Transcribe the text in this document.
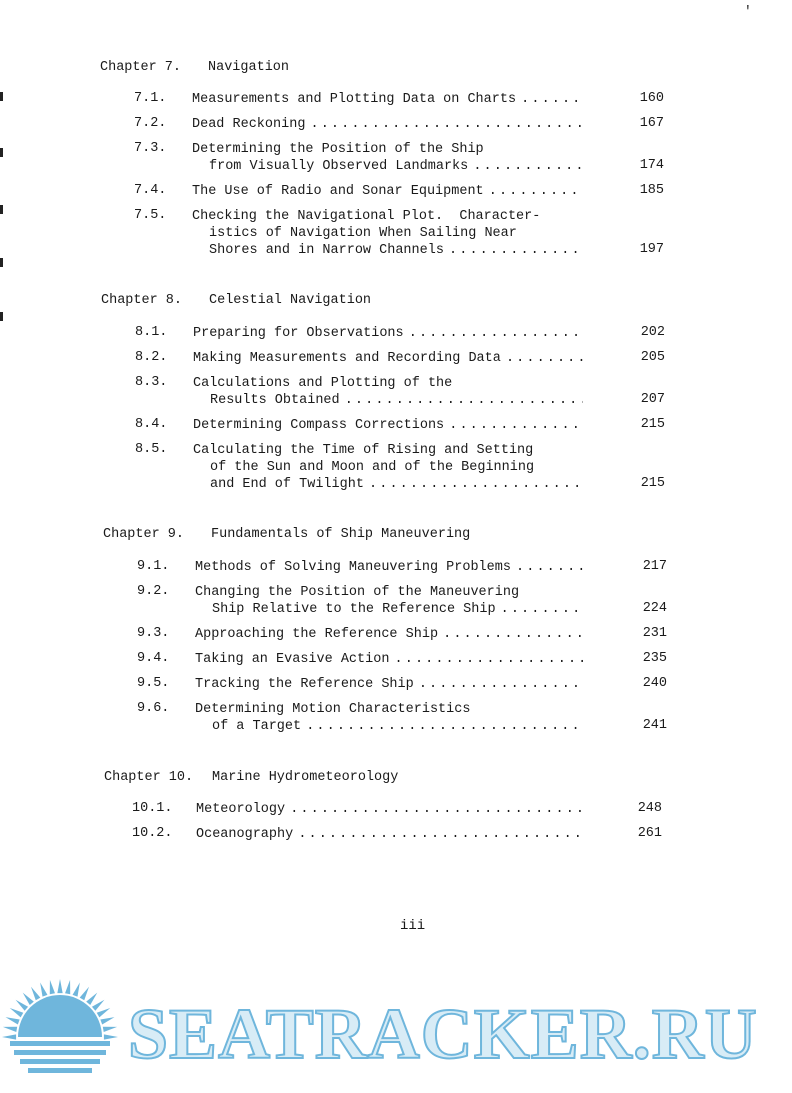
'
Chapter 7. Navigation
7.1.	Measurements and Plotting Data on Charts . . .	160
7.2.	Dead Reckoning . . .	167
7.3.	Determining the Position of the Ship
from Visually Observed Landmarks . . .	174
7.4.	The Use of Radio and Sonar Equipment . . .	185
7.5.	Checking the Navigational Plot.  Character-
istics of Navigation When Sailing Near
Shores and in Narrow Channels . . .	197
Chapter 8. Celestial Navigation
8.1.	Preparing for Observations . . .	202
8.2.	Making Measurements and Recording Data . . .	205
8.3.	Calculations and Plotting of the
Results Obtained . . .	207
8.4.	Determining Compass Corrections . . .	215
8.5.	Calculating the Time of Rising and Setting
of the Sun and Moon and of the Beginning
and End of Twilight . . .	215
Chapter 9. Fundamentals of Ship Maneuvering
9.1.	Methods of Solving Maneuvering Problems . . .	217
9.2.	Changing the Position of the Maneuvering
Ship Relative to the Reference Ship . . .	224
9.3.	Approaching the Reference Ship . . .	231
9.4.	Taking an Evasive Action . . .	235
9.5.	Tracking the Reference Ship . . .	240
9.6.	Determining Motion Characteristics
of a Target . . .	241
Chapter 10. Marine Hydrometeorology
10.1. Meteorology . . .	248
10.2. Oceanography . . .	261
iii
SEATRACKER.RU
